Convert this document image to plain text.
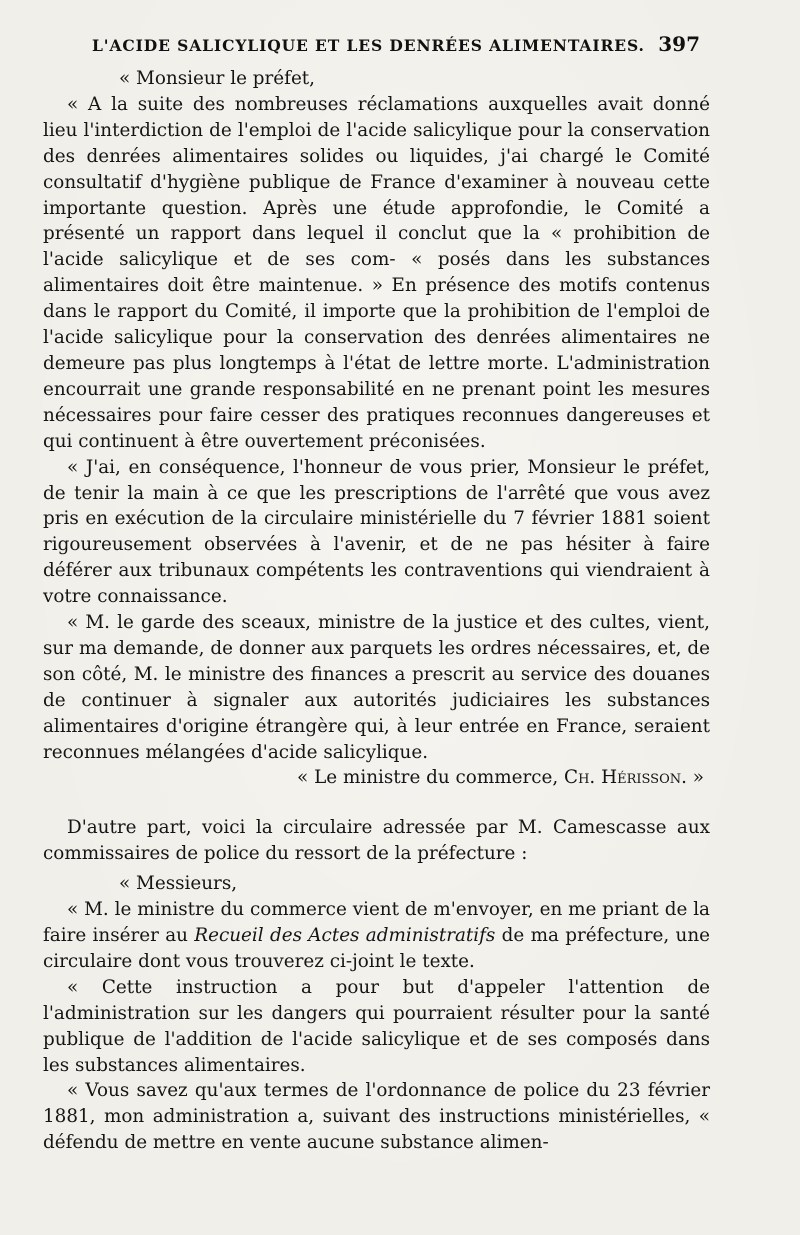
L'ACIDE SALICYLIQUE ET LES DENRÉES ALIMENTAIRES. 397

« Monsieur le préfet,

« A la suite des nombreuses réclamations auxquelles avait donné lieu l'interdiction de l'emploi de l'acide salicylique pour la conservation des denrées alimentaires solides ou liquides, j'ai chargé le Comité consultatif d'hygiène publique de France d'examiner à nouveau cette importante question. Après une étude approfondie, le Comité a présenté un rapport dans lequel il conclut que la « prohibition de l'acide salicylique et de ses com- « posés dans les substances alimentaires doit être maintenue. » En présence des motifs contenus dans le rapport du Comité, il importe que la prohibition de l'emploi de l'acide salicylique pour la conservation des denrées alimentaires ne demeure pas plus longtemps à l'état de lettre morte. L'administration encourrait une grande responsabilité en ne prenant point les mesures nécessaires pour faire cesser des pratiques reconnues dangereuses et qui continuent à être ouvertement préconisées.

« J'ai, en conséquence, l'honneur de vous prier, Monsieur le préfet, de tenir la main à ce que les prescriptions de l'arrêté que vous avez pris en exécution de la circulaire ministérielle du 7 février 1881 soient rigoureusement observées à l'avenir, et de ne pas hésiter à faire déférer aux tribunaux compétents les contraventions qui viendraient à votre connaissance.

« M. le garde des sceaux, ministre de la justice et des cultes, vient, sur ma demande, de donner aux parquets les ordres nécessaires, et, de son côté, M. le ministre des finances a prescrit au service des douanes de continuer à signaler aux autorités judiciaires les substances alimentaires d'origine étrangère qui, à leur entrée en France, seraient reconnues mélangées d'acide salicylique.

« Le ministre du commerce, Ch. Hérisson. »

D'autre part, voici la circulaire adressée par M. Camescasse aux commissaires de police du ressort de la préfecture :

« Messieurs,

« M. le ministre du commerce vient de m'envoyer, en me priant de la faire insérer au Recueil des Actes administratifs de ma préfecture, une circulaire dont vous trouverez ci-joint le texte.

« Cette instruction a pour but d'appeler l'attention de l'administration sur les dangers qui pourraient résulter pour la santé publique de l'addition de l'acide salicylique et de ses composés dans les substances alimentaires.

« Vous savez qu'aux termes de l'ordonnance de police du 23 février 1881, mon administration a, suivant des instructions ministérielles, « défendu de mettre en vente aucune substance alimen-
